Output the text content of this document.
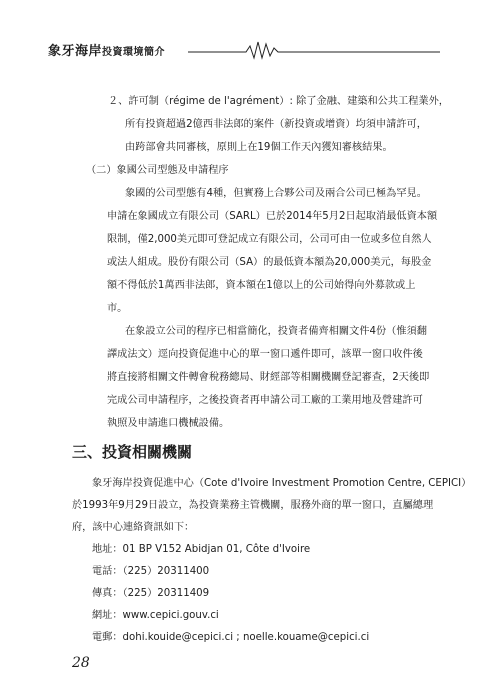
象牙海岸投資環境簡介
２、許可制（régime de l'agrément）: 除了金融、建築和公共工程業外，
所有投資超過2億西非法郎的案件（新投資或增資）均須申請許可，
由跨部會共同審核，原則上在19個工作天內獲知審核結果。
（二）象國公司型態及申請程序
象國的公司型態有4種，但實務上合夥公司及兩合公司已極為罕見。
申請在象國成立有限公司（SARL）已於2014年5月2日起取消最低資本額
限制，僅2,000美元即可登記成立有限公司，公司可由一位或多位自然人
或法人組成。股份有限公司（SA）的最低資本額為20,000美元，每股金
額不得低於1萬西非法郎，資本額在1億以上的公司始得向外募款或上
市。
在象設立公司的程序已相當簡化，投資者備齊相關文件4份（惟須翻
譯成法文）逕向投資促進中心的單一窗口遞件即可，該單一窗口收件後
將直接將相關文件轉會稅務總局、財經部等相關機關登記審查，2天後即
完成公司申請程序，之後投資者再申請公司工廠的工業用地及營建許可
執照及申請進口機械設備。
三、投資相關機關
象牙海岸投資促進中心（Cote d'Ivoire Investment Promotion Centre, CEPICI）
於1993年9月29日設立，為投資業務主管機關，服務外商的單一窗口，直屬總理
府，該中心連絡資訊如下：
地址：01 BP V152 Abidjan 01, Côte d'Ivoire
電話：（225）20311400
傳真：（225）20311409
網址：www.cepici.gouv.ci
電郵：dohi.kouide@cepici.ci ; noelle.kouame@cepici.ci
28
